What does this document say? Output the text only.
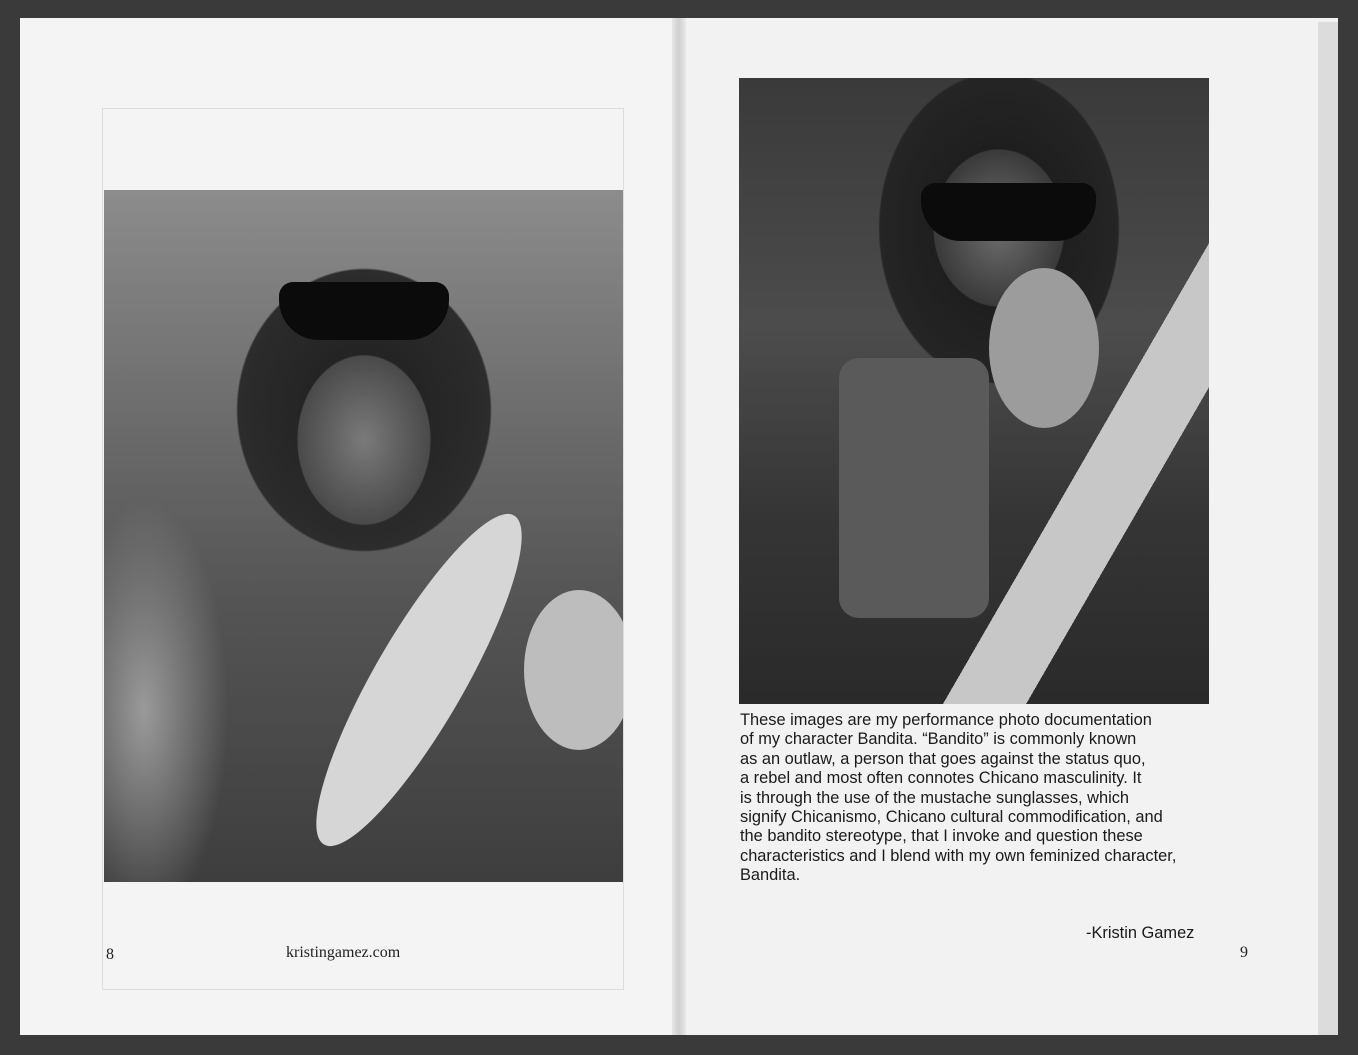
8	kristingamez.com

These images are my performance photo documentation
of my character Bandita. “Bandito” is commonly known
as an outlaw, a person that goes against the status quo,
a rebel and most often connotes Chicano masculinity. It
is through the use of the mustache sunglasses, which
signify Chicanismo, Chicano cultural commodification, and
the bandito stereotype, that I invoke and question these
characteristics and I blend with my own feminized character,
Bandita.

-Kristin Gamez
9
